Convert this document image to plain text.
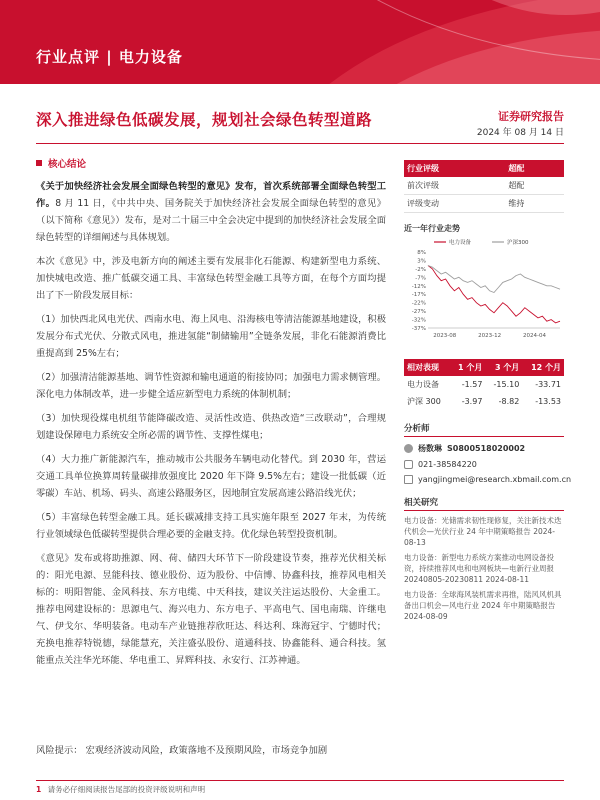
行业点评 | 电力设备
深入推进绿色低碳发展，规划社会绿色转型道路	证券研究报告
2024 年 08 月 14 日
核心结论
《关于加快经济社会发展全面绿色转型的意见》发布，首次系统部署全面绿色转型工作。8 月 11 日，《中共中央、国务院关于加快经济社会发展全面绿色转型的意见》（以下简称《意见》）发布，是对二十届三中全会决定中提到的加快经济社会发展全面绿色转型的详细阐述与具体规划。
本次《意见》中，涉及电新方向的阐述主要有发展非化石能源、构建新型电力系统、加快城电改造、推广低碳交通工具、丰富绿色转型金融工具等方面，在每个方面均提出了下一阶段发展目标：
（1）加快西北风电光伏、西南水电、海上风电、沿海核电等清洁能源基地建设，积极发展分布式光伏、分散式风电，推进氢能“制储输用”全链条发展，非化石能源消费比重提高到 25%左右；
（2）加强清洁能源基地、调节性资源和输电通道的衔接协同；加强电力需求侧管理。深化电力体制改革，进一步健全适应新型电力系统的体制机制；
（3）加快现役煤电机组节能降碳改造、灵活性改造、供热改造“三改联动”，合理规划建设保障电力系统安全所必需的调节性、支撑性煤电；
（4）大力推广新能源汽车，推动城市公共服务车辆电动化替代。到 2030 年，营运交通工具单位换算周转量碳排放强度比 2020 年下降 9.5%左右；建设一批低碳（近零碳）车站、机场、码头、高速公路服务区，因地制宜发展高速公路沿线光伏；
（5）丰富绿色转型金融工具。延长碳减排支持工具实施年限至 2027 年末，为传统行业领域绿色低碳转型提供合理必要的金融支持。优化绿色转型投资机制。
《意见》发布或将助推源、网、荷、储四大环节下一阶段建设节奏，推荐光伏相关标的：阳光电源、昱能科技、德业股份、迈为股份、中信博、协鑫科技，推荐风电相关标的：明阳智能、金风科技、东方电缆、中天科技，建议关注运达股份、大金重工。推荐电网建设标的：思源电气、海兴电力、东方电子、平高电气、国电南瑞、许继电气、伊戈尔、华明装备。电动车产业链推荐欣旺达、科达利、珠海冠宇、宁德时代；充换电推荐特锐德，绿能慧充，关注盛弘股份、道通科技、协鑫能科、通合科技。氢能重点关注华光环能、华电重工、昇辉科技、永安行、江苏神通。
行业评级	超配
前次评级	超配
评级变动	维持
近一年行业走势
8%
3%
-2%
-7%
-12%
-17%
-22%
-27%
-32%
-37%
2023-08	2023-12	2024-04
电力设备	沪深300
相对表现	1 个月	3 个月	12 个月
电力设备	-1.57	-15.10	-33.71
沪深 300	-3.97	-8.82	-13.53
分析师
杨数琳 S0800518020002
021-38584220
yangjingmei@research.xbmail.com.cn
相关研究
电力设备：光储需求韧性现修复，关注新技术迭代机会—光伏行业 24 年中期策略报告 2024-08-13
电力设备：新型电力系统方案推动电网设备投资，持续推荐风电和电网板块—电新行业周报 20240805-20230811 2024-08-11
电力设备：全球海风装机需求再推，陆风风机具备出口机会—风电行业 2024 年中期策略报告 2024-08-09
风险提示： 宏观经济波动风险，政策落地不及预期风险，市场竞争加剧
1 请务必仔细阅读报告尾部的投资评级说明和声明
